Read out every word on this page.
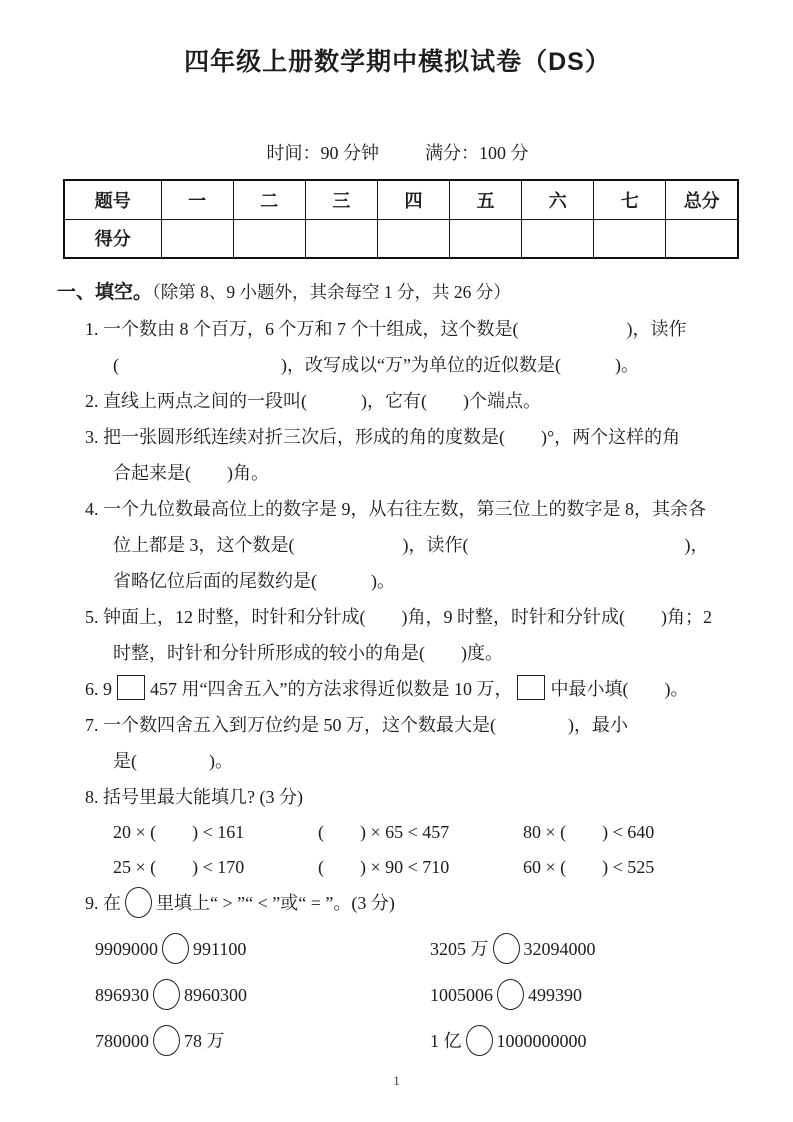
四年级上册数学期中模拟试卷（DS）
时间：90 分钟	满分：100 分
题号	一	二	三	四	五	六	七	总分
得分								
一、填空。（除第 8、9 小题外，其余每空 1 分，共 26 分）
1. 一个数由 8 个百万，6 个万和 7 个十组成，这个数是(　　　　　　)，读作
(　　　　　　　　　)，改写成以“万”为单位的近似数是(　　　)。
2. 直线上两点之间的一段叫(　　　)，它有(　　)个端点。
3. 把一张圆形纸连续对折三次后，形成的角的度数是(　　)°，两个这样的角
合起来是(　　)角。
4. 一个九位数最高位上的数字是 9，从右往左数，第三位上的数字是 8，其余各
位上都是 3，这个数是(　　　　　　)，读作(　　　　　　　　　　　　)，
省略亿位后面的尾数约是(　　　)。
5. 钟面上，12 时整，时针和分针成(　　)角，9 时整，时针和分针成(　　)角；2
时整，时针和分针所形成的较小的角是(　　)度。
6. 9 457 用“四舍五入”的方法求得近似数是 10 万， 中最小填(　　)。
7. 一个数四舍五入到万位约是 50 万，这个数最大是(　　　　)，最小
是(　　　　)。
8. 括号里最大能填几? (3 分)
20 × (　　) < 161	(　　) × 65 < 457	80 × (　　) < 640
25 × (　　) < 170	(　　) × 90 < 710	60 × (　　) < 525
9. 在 里填上“ > ”“ < ”或“ = ”。(3 分)
9909000 991100	3205 万 32094000
896930 8960300	1005006 499390
780000 78 万	1 亿 1000000000
1
